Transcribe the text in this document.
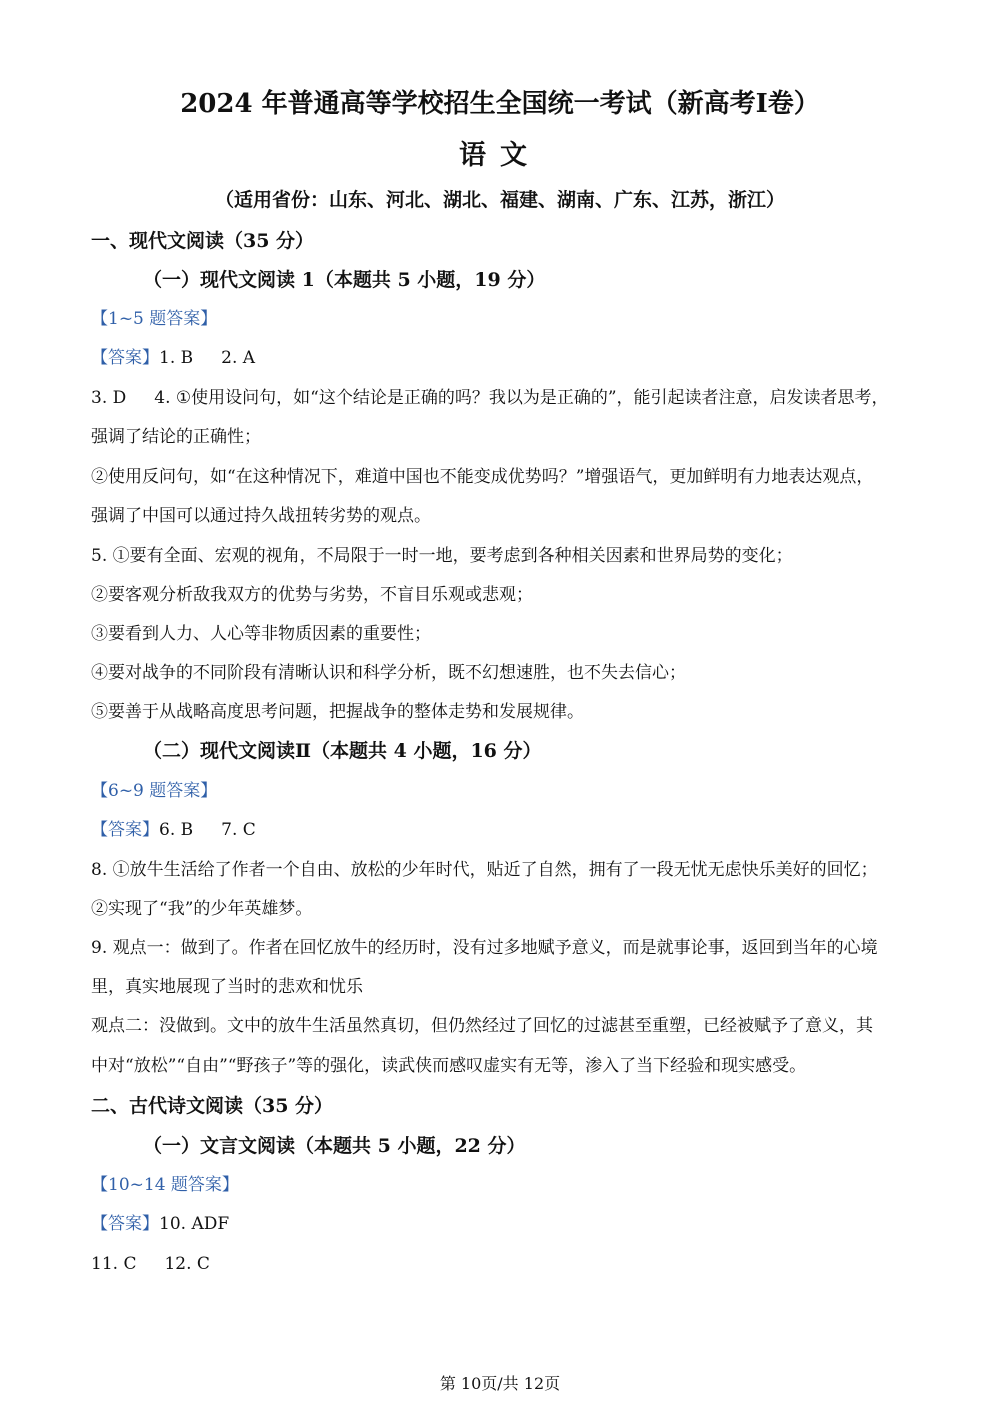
2024 年普通高等学校招生全国统一考试（新高考Ⅰ卷）
语文
（适用省份：山东、河北、湖北、福建、湖南、广东、江苏，浙江）
一、现代文阅读（35 分）
（一）现代文阅读 1（本题共 5 小题，19 分）
【1~5 题答案】
【答案】1. B 2. A
3. D 4. ①使用设问句，如“这个结论是正确的吗？我以为是正确的”，能引起读者注意，启发读者思考，
强调了结论的正确性；
②使用反问句，如“在这种情况下，难道中国也不能变成优势吗？”增强语气，更加鲜明有力地表达观点，
强调了中国可以通过持久战扭转劣势的观点。
5. ①要有全面、宏观的视角，不局限于一时一地，要考虑到各种相关因素和世界局势的变化；
②要客观分析敌我双方的优势与劣势，不盲目乐观或悲观；
③要看到人力、人心等非物质因素的重要性；
④要对战争的不同阶段有清晰认识和科学分析，既不幻想速胜，也不失去信心；
⑤要善于从战略高度思考问题，把握战争的整体走势和发展规律。
（二）现代文阅读Ⅱ（本题共 4 小题，16 分）
【6~9 题答案】
【答案】6. B 7. C
8. ①放牛生活给了作者一个自由、放松的少年时代，贴近了自然，拥有了一段无忧无虑快乐美好的回忆；
②实现了“我”的少年英雄梦。
9. 观点一：做到了。作者在回忆放牛的经历时，没有过多地赋予意义，而是就事论事，返回到当年的心境
里，真实地展现了当时的悲欢和忧乐
观点二：没做到。文中的放牛生活虽然真切，但仍然经过了回忆的过滤甚至重塑，已经被赋予了意义，其
中对“放松”“自由”“野孩子”等的强化，读武侠而感叹虚实有无等，渗入了当下经验和现实感受。
二、古代诗文阅读（35 分）
（一）文言文阅读（本题共 5 小题，22 分）
【10~14 题答案】
【答案】10. ADF
11. C 12. C
第 10页/共 12页
